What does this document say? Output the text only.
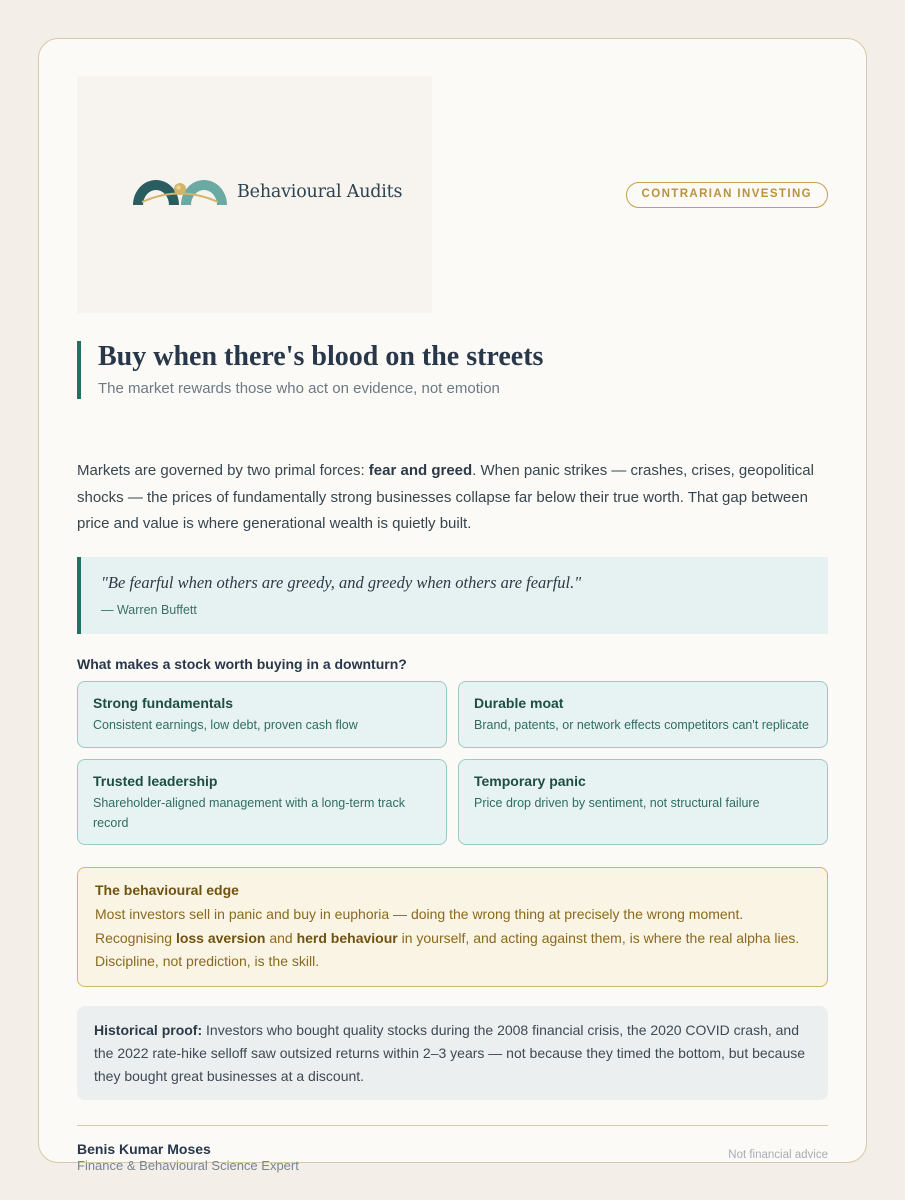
Behavioural Audits	CONTRARIAN INVESTING
Buy when there's blood on the streets
The market rewards those who act on evidence, not emotion

Markets are governed by two primal forces: fear and greed. When panic strikes — crashes, crises, geopolitical shocks — the prices of fundamentally strong businesses collapse far below their true worth. That gap between price and value is where generational wealth is quietly built.

"Be fearful when others are greedy, and greedy when others are fearful."
— Warren Buffett
What makes a stock worth buying in a downturn?
Strong fundamentals
Consistent earnings, low debt, proven cash flow
Durable moat
Brand, patents, or network effects competitors can't replicate
Trusted leadership
Shareholder-aligned management with a long-term track record
Temporary panic
Price drop driven by sentiment, not structural failure
The behavioural edge
Most investors sell in panic and buy in euphoria — doing the wrong thing at precisely the wrong moment. Recognising loss aversion and herd behaviour in yourself, and acting against them, is where the real alpha lies. Discipline, not prediction, is the skill.
Historical proof: Investors who bought quality stocks during the 2008 financial crisis, the 2020 COVID crash, and the 2022 rate-hike selloff saw outsized returns within 2–3 years — not because they timed the bottom, but because they bought great businesses at a discount.
Benis Kumar Moses
Finance & Behavioural Science Expert
Not financial advice
